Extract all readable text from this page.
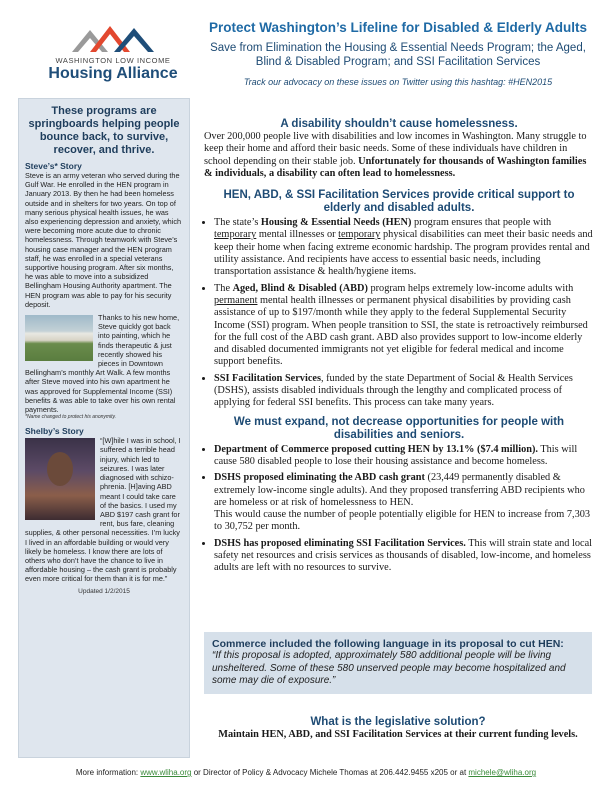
WASHINGTON LOW INCOME
Housing Alliance
Protect Washington’s Lifeline for Disabled & Elderly Adults
Save from Elimination the Housing & Essential Needs Program; the Aged, Blind & Disabled Program; and SSI Facilitation Services
Track our advocacy on these issues on Twitter using this hashtag: #HEN2015
These programs are springboards helping people bounce back, to survive, recover, and thrive.
Steve’s* Story
Steve is an army veteran who served during the Gulf War. He enrolled in the HEN program in January 2013. By then he had been homeless outside and in shelters for two years. On top of many serious physical health issues, he was also experiencing depression and anxiety, which were becoming more acute due to chronic homelessness. Through teamwork with Steve’s housing case manager and the HEN program staff, he was enrolled in a special veterans supportive housing program. After six months, he was able to move into a subsidized Bellingham Housing Authority apartment. The HEN program was able to pay for his security deposit.
Thanks to his new home, Steve quickly got back into painting, which he finds therapeutic & just recently showed his pieces in Downtown Bellingham’s monthly Art Walk. A few months after Steve moved into his own apartment he was approved for Supplemental Income (SSI) benefits & was able to take over his own rental payments.
*Name changed to protect his anonymity.
Shelby’s Story
“[W]hile I was in school, I suffered a terrible head injury, which led to seizures. I was later diagnosed with schizo-phrenia. [H]aving ABD meant I could take care of the basics. I used my ABD $197 cash grant for rent, bus fare, cleaning supplies, & other personal necessities. I’m lucky I lived in an affordable building or would very likely be homeless. I know there are lots of others who don’t have the chance to live in affordable housing – the cash grant is probably even more critical for them than it is for me.”
Updated 1/2/2015
A disability shouldn’t cause homelessness.

Over 200,000 people live with disabilities and low incomes in Washington. Many struggle to keep their home and afford their basic needs. Some of these individuals have children in school depending on their stable job. Unfortunately for thousands of Washington families & individuals, a disability can often lead to homelessness.

HEN, ABD, & SSI Facilitation Services provide critical support to elderly and disabled adults.
• The state’s Housing & Essential Needs (HEN) program ensures that people with temporary mental illnesses or temporary physical disabilities can meet their basic needs and keep their home when facing extreme economic hardship. The program provides rental and utility assistance. And recipients have access to essential basic needs, including transportation assistance & health/hygiene items.
• The Aged, Blind & Disabled (ABD) program helps extremely low-income adults with permanent mental health illnesses or permanent physical disabilities by providing cash assistance of up to $197/month while they apply to the federal Supplemental Security Income (SSI) program. When people transition to SSI, the state is retroactively reimbursed for the full cost of the ABD cash grant. ABD also provides support to low-income elderly and disabled documented immigrants not yet eligible for federal medical and income support benefits.
• SSI Facilitation Services, funded by the state Department of Social & Health Services (DSHS), assists disabled individuals through the lengthy and complicated process of applying for federal SSI benefits. This process can take many years.
We must expand, not decrease opportunities for people with disabilities and seniors.
• Department of Commerce proposed cutting HEN by 13.1% ($7.4 million). This will cause 580 disabled people to lose their housing assistance and become homeless.
• DSHS proposed eliminating the ABD cash grant (23,449 permanently disabled & extremely low-income single adults). And they proposed transferring ABD recipients who are homeless or at risk of homelessness to HEN.
This would cause the number of people potentially eligible for HEN to increase from 7,303 to 30,752 per month.
• DSHS has proposed eliminating SSI Facilitation Services. This will strain state and local safety net resources and crisis services as thousands of disabled, low-income, and homeless adults are left with no resources to survive.
Commerce included the following language in its proposal to cut HEN:
“If this proposal is adopted, approximately 580 additional people will be living unsheltered. Some of these 580 unserved people may become hospitalized and some may die of exposure.”
What is the legislative solution?
Maintain HEN, ABD, and SSI Facilitation Services at their current funding levels.
More information: www.wliha.org or Director of Policy & Advocacy Michele Thomas at 206.442.9455 x205 or at michele@wliha.org
